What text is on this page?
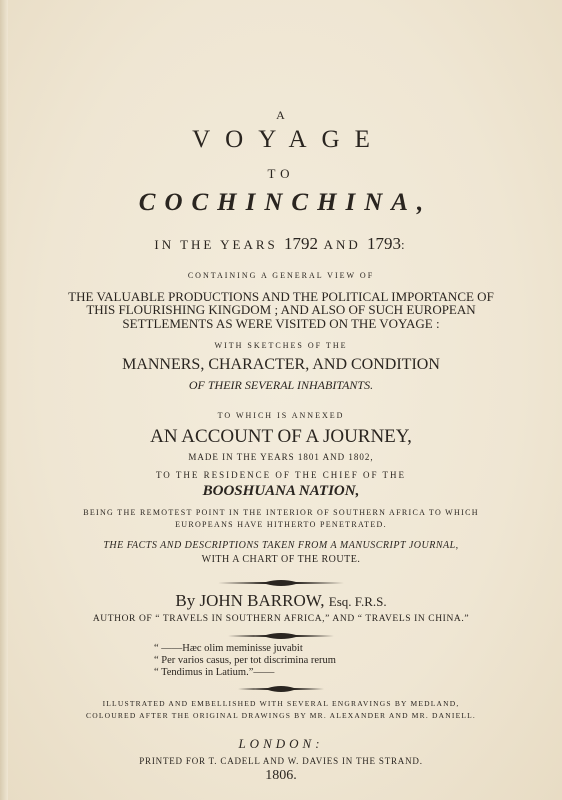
A
VOYAGE
TO
COCHINCHINA,
IN THE YEARS 1792 AND 1793:
CONTAINING A GENERAL VIEW OF
THE VALUABLE PRODUCTIONS AND THE POLITICAL IMPORTANCE OF
THIS FLOURISHING KINGDOM ; AND ALSO OF SUCH EUROPEAN
SETTLEMENTS AS WERE VISITED ON THE VOYAGE :
WITH SKETCHES OF THE
MANNERS, CHARACTER, AND CONDITION
OF THEIR SEVERAL INHABITANTS.
TO WHICH IS ANNEXED
AN ACCOUNT OF A JOURNEY,
MADE IN THE YEARS 1801 AND 1802,
TO THE RESIDENCE OF THE CHIEF OF THE
BOOSHUANA NATION,
BEING THE REMOTEST POINT IN THE INTERIOR OF SOUTHERN AFRICA TO WHICH
EUROPEANS HAVE HITHERTO PENETRATED.
THE FACTS AND DESCRIPTIONS TAKEN FROM A MANUSCRIPT JOURNAL,
WITH A CHART OF THE ROUTE.
By JOHN BARROW, Esq. F.R.S.
AUTHOR OF “ TRAVELS IN SOUTHERN AFRICA,” AND “ TRAVELS IN CHINA.”
“ ——Hæc olim meminisse juvabit
“ Per varios casus, per tot discrimina rerum
“ Tendimus in Latium.”——
ILLUSTRATED AND EMBELLISHED WITH SEVERAL ENGRAVINGS BY MEDLAND,
COLOURED AFTER THE ORIGINAL DRAWINGS BY MR. ALEXANDER AND MR. DANIELL.
LONDON:
PRINTED FOR T. CADELL AND W. DAVIES IN THE STRAND.
1806.
